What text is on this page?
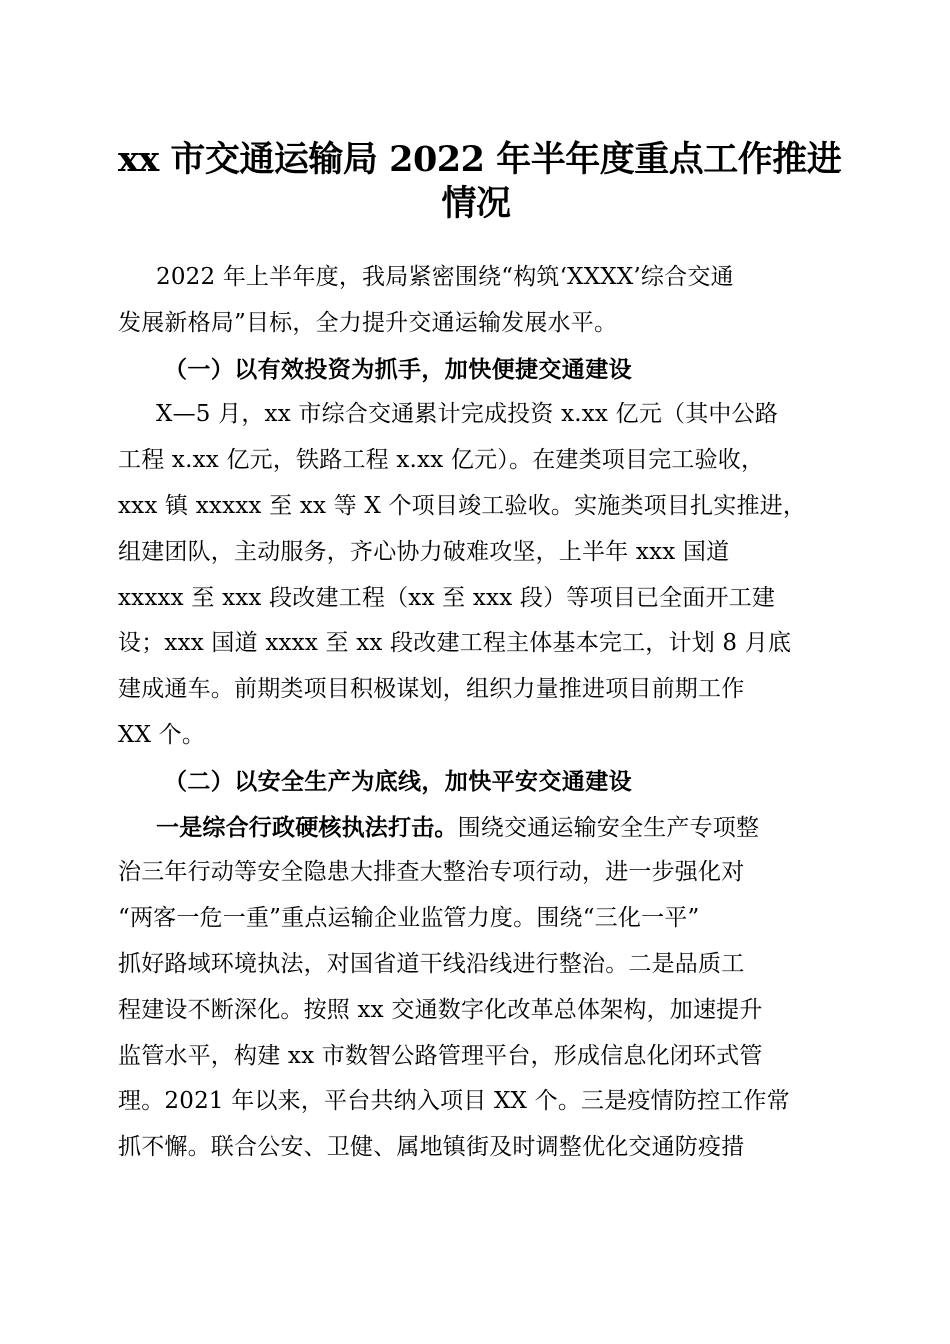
xx 市交通运输局 2022 年半年度重点工作推进
情况

2022 年上半年度，我局紧密围绕“构筑‘XXXX’综合交通
发展新格局”目标，全力提升交通运输发展水平。

（一）以有效投资为抓手，加快便捷交通建设

X—5 月，xx 市综合交通累计完成投资 x.xx 亿元（其中公路
工程 x.xx 亿元，铁路工程 x.xx 亿元）。在建类项目完工验收，
xxx 镇 xxxxx 至 xx 等 X 个项目竣工验收。实施类项目扎实推进，
组建团队，主动服务，齐心协力破难攻坚，上半年 xxx 国道
xxxxx 至 xxx 段改建工程（xx 至 xxx 段）等项目已全面开工建
设；xxx 国道 xxxx 至 xx 段改建工程主体基本完工，计划 8 月底
建成通车。前期类项目积极谋划，组织力量推进项目前期工作
XX 个。

（二）以安全生产为底线，加快平安交通建设

一是综合行政硬核执法打击。围绕交通运输安全生产专项整
治三年行动等安全隐患大排查大整治专项行动，进一步强化对
“两客一危一重”重点运输企业监管力度。围绕“三化一平”
抓好路域环境执法，对国省道干线沿线进行整治。二是品质工
程建设不断深化。按照 xx 交通数字化改革总体架构，加速提升
监管水平，构建 xx 市数智公路管理平台，形成信息化闭环式管
理。2021 年以来，平台共纳入项目 XX 个。三是疫情防控工作常
抓不懈。联合公安、卫健、属地镇街及时调整优化交通防疫措
